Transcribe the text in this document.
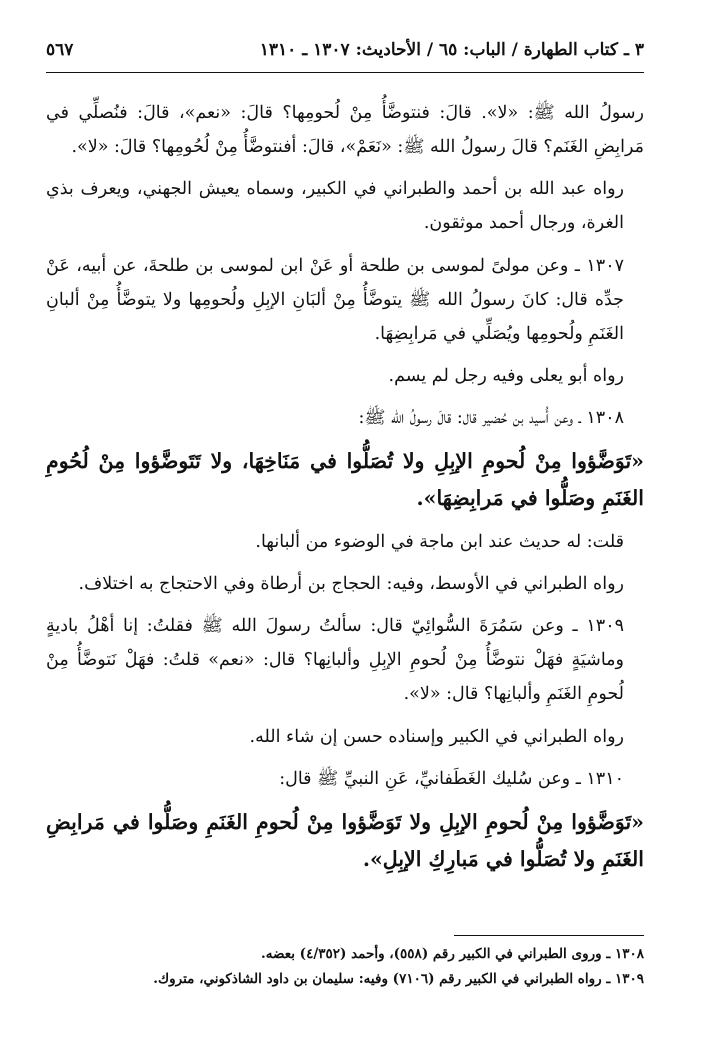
٣ ـ كتاب الطهارة / الباب: ٦٥ / الأحاديث: ١٣٠٧ ـ ١٣١٠
٥٦٧

رسولُ الله ﷺ: «لا». قالَ: فنتوضَّأُ مِنْ لُحومِها؟ قالَ: «نعم»، قالَ: فنُصلِّي في مَرابِضِ الغَنَم؟ قالَ رسولُ الله ﷺ: «نَعَمْ»، قالَ: أفنتوضَّأُ مِنْ لُحُومِها؟ قالَ: «لا».

رواه عبد الله بن أحمد والطبراني في الكبير، وسماه يعيش الجهني، ويعرف بذي الغرة، ورجال أحمد موثقون.

١٣٠٧ ـ وعن مولىً لموسى بن طلحة أو عَنْ ابن لموسى بن طلحةَ، عن أبيه، عَنْ جدِّه قال: كانَ رسولُ الله ﷺ يتوضَّأُ مِنْ ألبَانِ الإبِلِ ولُحومِها ولا يتوضَّأُ مِنْ ألبانِ الغَنَمِ ولُحومِها ويُصَلِّي في مَرابِضِهَا.

رواه أبو يعلى وفيه رجل لم يسم.

١٣٠٨ ـ وعن أُسيد بن حُضير قال: قالَ رسولُ الله ﷺ:

«تَوَضَّؤوا مِنْ لُحومِ الإبِلِ ولا تُصَلُّوا في مَنَاخِهَا، ولا تَتَوضَّؤوا مِنْ لُحُومِ الغَنَمِ وصَلُّوا في مَرابِضِهَا».

قلت: له حديث عند ابن ماجة في الوضوء من ألبانها.

رواه الطبراني في الأوسط، وفيه: الحجاج بن أرطاة وفي الاحتجاج به اختلاف.

١٣٠٩ ـ وعن سَمُرَةَ السُّوائِيّ قال: سألتُ رسولَ الله ﷺ فقلتُ: إنا أهْلُ باديةٍ وماشيَةٍ فهَلْ نتوضَّأُ مِنْ لُحومِ الإبِلِ وألبانِها؟ قال: «نعم» قلتُ: فهَلْ نَتوضَّأُ مِنْ لُحومِ الغَنَمِ وألبانِها؟ قال: «لا».

رواه الطبراني في الكبير وإسناده حسن إن شاء الله.

١٣١٠ ـ وعن سُليك الغَطَفانيِّ، عَنِ النبيِّ ﷺ قال:

«تَوَضَّؤوا مِنْ لُحومِ الإبِلِ ولا تَوَضَّؤوا مِنْ لُحومِ الغَنَمِ وصَلُّوا في مَرابِضِ الغَنَمِ ولا تُصَلُّوا في مَبارِكِ الإبِلِ».

١٣٠٨ ـ وروى الطبراني في الكبير رقم (٥٥٨)، وأحمد (٤/٣٥٢) بعضه.

١٣٠٩ ـ رواه الطبراني في الكبير رقم (٧١٠٦) وفيه: سليمان بن داود الشاذكوني، متروك.
